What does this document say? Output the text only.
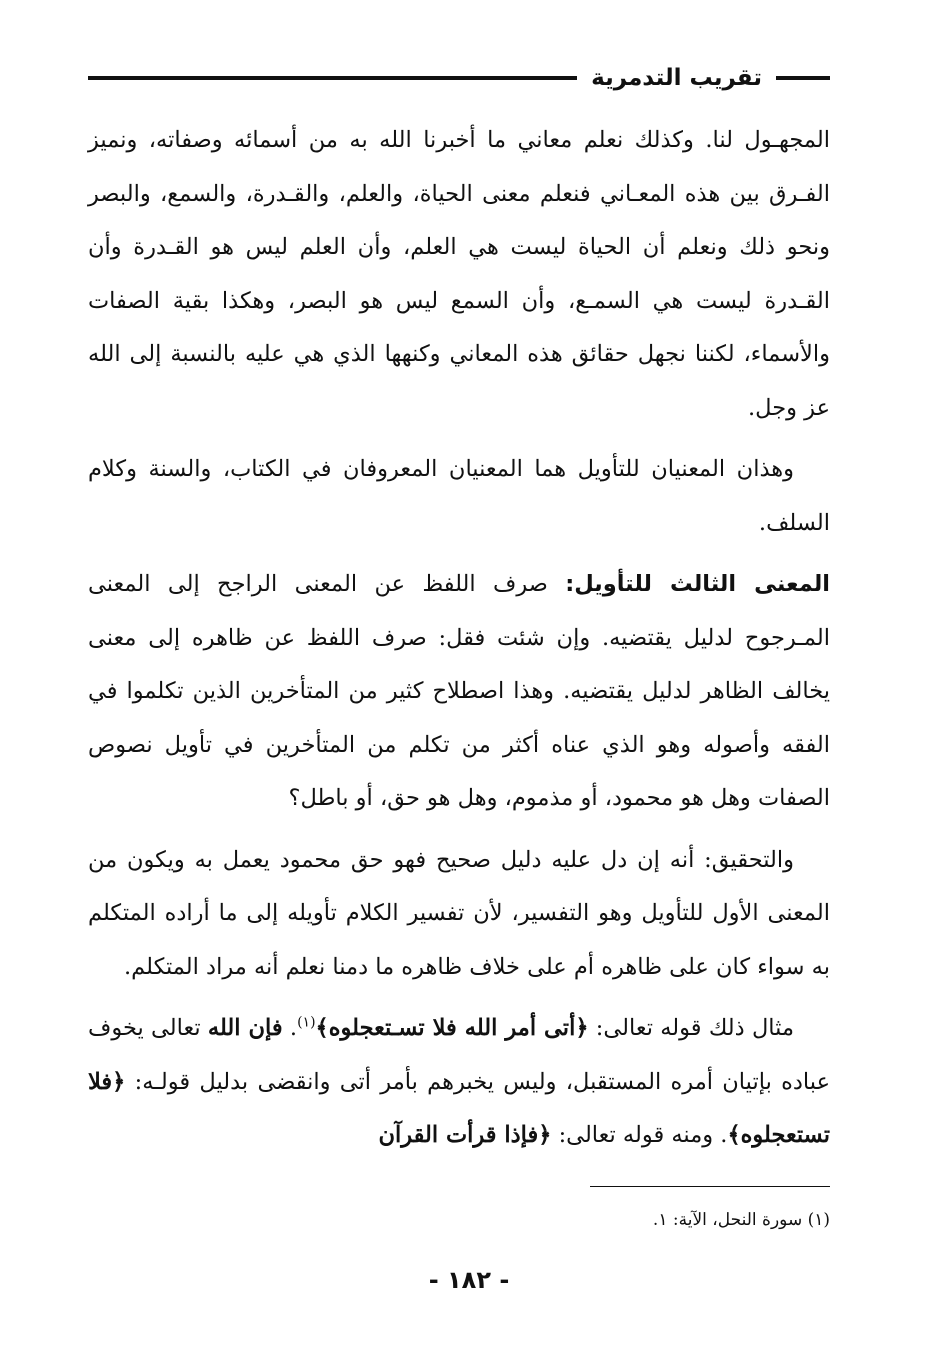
تقريب التدمرية

المجهـول لنا. وكذلك نعلم معاني ما أخبرنا الله به من أسمائه وصفاته، ونميز الفـرق بين هذه المعـاني فنعلم معنى الحياة، والعلم، والقـدرة، والسمع، والبصر ونحو ذلك ونعلم أن الحياة ليست هي العلم، وأن العلم ليس هو القـدرة وأن القـدرة ليست هي السمـع، وأن السمع ليس هو البصر، وهكذا بقية الصفات والأسماء، لكننا نجهل حقائق هذه المعاني وكنهها الذي هي عليه بالنسبة إلى الله عز وجل.

وهذان المعنيان للتأويل هما المعنيان المعروفان في الكتاب، والسنة وكلام السلف.

المعنى الثالث للتأويل: صرف اللفظ عن المعنى الراجح إلى المعنى المـرجوح لدليل يقتضيه. وإن شئت فقل: صرف اللفظ عن ظاهره إلى معنى يخالف الظاهر لدليل يقتضيه. وهذا اصطلاح كثير من المتأخرين الذين تكلموا في الفقه وأصوله وهو الذي عناه أكثر من تكلم من المتأخرين في تأويل نصوص الصفات وهل هو محمود، أو مذموم، وهل هو حق، أو باطل؟

والتحقيق: أنه إن دل عليه دليل صحيح فهو حق محمود يعمل به ويكون من المعنى الأول للتأويل وهو التفسير، لأن تفسير الكلام تأويله إلى ما أراده المتكلم به سواء كان على ظاهره أم على خلاف ظاهره ما دمنا نعلم أنه مراد المتكلم.

مثال ذلك قوله تعالى: ﴿أتى أمر الله فلا تسـتعجلوه﴾$^{(١)}$. فإن الله تعالى يخوف عباده بإتيان أمره المستقبل، وليس يخبرهم بأمر أتى وانقضى بدليل قولـه: ﴿فلا تستعجلوه﴾. ومنه قوله تعالى: ﴿فإذا قرأت القرآن

(١) سورة النحل، الآية: ١.
- ١٨٢ -
